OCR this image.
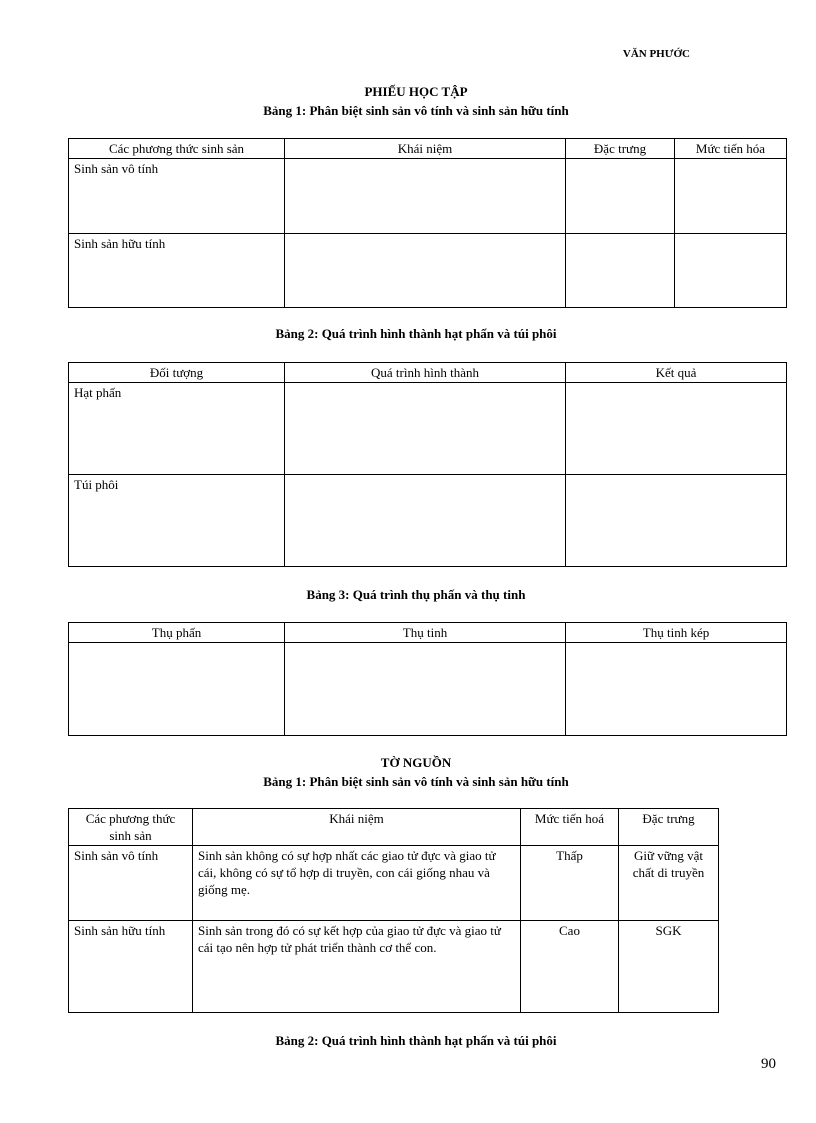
VĂN PHƯỚC
PHIẾU HỌC TẬP
Bảng 1: Phân biệt sinh sản vô tính và sinh sản hữu tính
Các phương thức sinh sản	Khái niệm	Đặc trưng	Mức tiến hóa
Sinh sản vô tính			
Sinh sản hữu tính			
Bảng 2: Quá trình hình thành hạt phấn và túi phôi
Đối tượng	Quá trình hình thành	Kết quả
Hạt phấn		
Túi phôi		
Bảng 3: Quá trình thụ phấn và thụ tinh
Thụ phấn	Thụ tinh	Thụ tinh kép

TỜ NGUỒN
Bảng 1: Phân biệt sinh sản vô tính và sinh sản hữu tính
Các phương thức sinh sản	Khái niệm	Mức tiến hoá	Đặc trưng
Sinh sản vô tính	Sinh sản không có sự hợp nhất các giao tử đực và giao tử cái, không có sự tổ hợp di truyền, con cái giống nhau và giống mẹ.	Thấp	Giữ vững vật chất di truyền
Sinh sản hữu tính	Sinh sản trong đó có sự kết hợp của giao tử đực và giao tử cái tạo nên hợp tử phát triển thành cơ thể con.	Cao	SGK
Bảng 2: Quá trình hình thành hạt phấn và túi phôi
90
